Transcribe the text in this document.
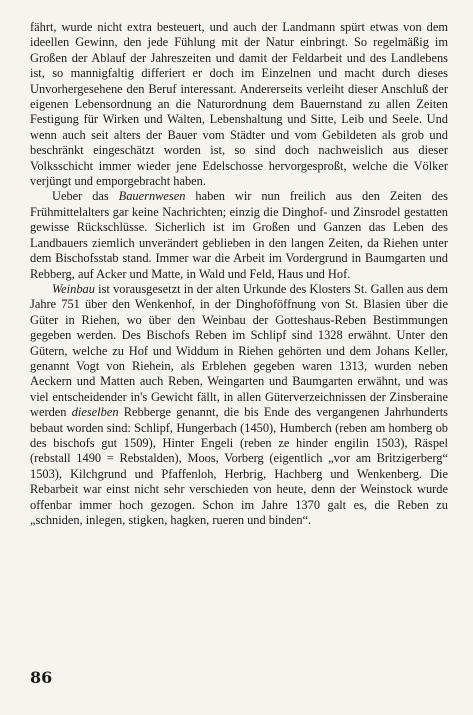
fährt, wurde nicht extra besteuert, und auch der Landmann spürt etwas von dem ideellen Gewinn, den jede Fühlung mit der Natur einbringt. So regelmäßig im Großen der Ablauf der Jahreszeiten und damit der Feldarbeit und des Landlebens ist, so mannigfaltig differiert er doch im Einzelnen und macht durch dieses Unvorhergesehene den Beruf interessant. Andererseits verleiht dieser Anschluß der eigenen Lebensordnung an die Naturordnung dem Bauernstand zu allen Zeiten Festigung für Wirken und Walten, Lebenshaltung und Sitte, Leib und Seele. Und wenn auch seit alters der Bauer vom Städter und vom Gebildeten als grob und beschränkt eingeschätzt worden ist, so sind doch nachweislich aus dieser Volksschicht immer wieder jene Edelschosse hervorgesproßt, welche die Völker verjüngt und emporgebracht haben.

Ueber das Bauernwesen haben wir nun freilich aus den Zeiten des Frühmittelalters gar keine Nachrichten; einzig die Dinghof- und Zinsrodel gestatten gewisse Rückschlüsse. Sicherlich ist im Großen und Ganzen das Leben des Landbauers ziemlich unverändert geblieben in den langen Zeiten, da Riehen unter dem Bischofsstab stand. Immer war die Arbeit im Vordergrund in Baumgarten und Rebberg, auf Acker und Matte, in Wald und Feld, Haus und Hof.

Weinbau ist vorausgesetzt in der alten Urkunde des Klosters St. Gallen aus dem Jahre 751 über den Wenkenhof, in der Dinghoföffnung von St. Blasien über die Güter in Riehen, wo über den Weinbau der Gotteshaus-Reben Bestimmungen gegeben werden. Des Bischofs Reben im Schlipf sind 1328 erwähnt. Unter den Gütern, welche zu Hof und Widdum in Riehen gehörten und dem Johans Keller, genannt Vogt von Riehein, als Erblehen gegeben waren 1313, wurden neben Aeckern und Matten auch Reben, Weingarten und Baumgarten erwähnt, und was viel entscheidender in's Gewicht fällt, in allen Güterverzeichnissen der Zinsberaine werden dieselben Rebberge genannt, die bis Ende des vergangenen Jahrhunderts bebaut worden sind: Schlipf, Hungerbach (1450), Humberch (reben am homberg ob des bischofs gut 1509), Hinter Engeli (reben ze hinder engilin 1503), Räspel (rebstall 1490 = Rebstalden), Moos, Vorberg (eigentlich „vor am Britzigerberg“ 1503), Kilchgrund und Pfaffenloh, Herbrig, Hachberg und Wenkenberg. Die Rebarbeit war einst nicht sehr verschieden von heute, denn der Weinstock wurde offenbar immer hoch gezogen. Schon im Jahre 1370 galt es, die Reben zu „schniden, inlegen, stigken, hagken, rueren und binden“.

86
